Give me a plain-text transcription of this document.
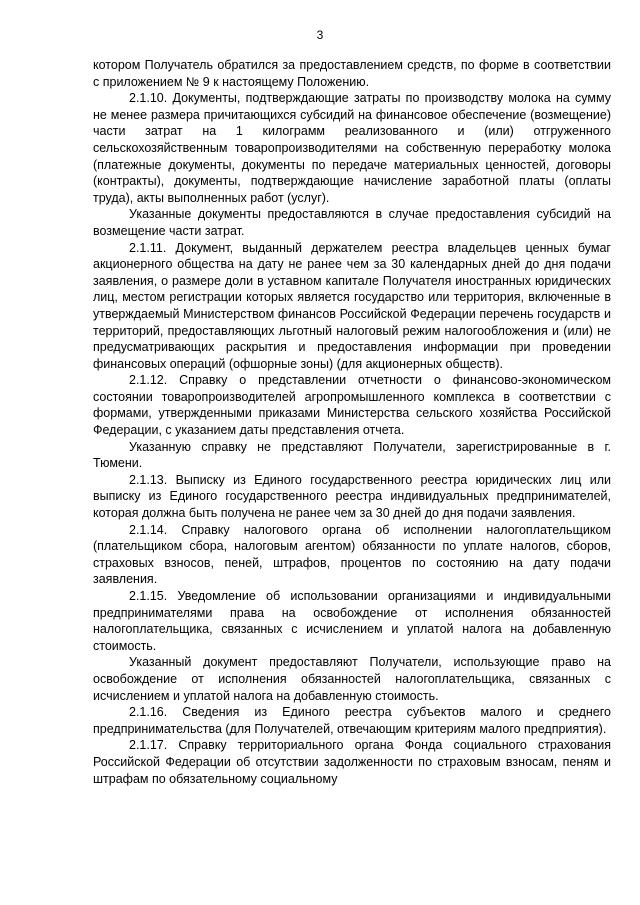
3

котором Получатель обратился за предоставлением средств, по форме в соответствии с приложением № 9 к настоящему Положению.

2.1.10. Документы, подтверждающие затраты по производству молока на сумму не менее размера причитающихся субсидий на финансовое обеспечение (возмещение) части затрат на 1 килограмм реализованного и (или) отгруженного сельскохозяйственным товаропроизводителями на собственную переработку молока (платежные документы, документы по передаче материальных ценностей, договоры (контракты), документы, подтверждающие начисление заработной платы (оплаты труда), акты выполненных работ (услуг).

Указанные документы предоставляются в случае предоставления субсидий на возмещение части затрат.

2.1.11. Документ, выданный держателем реестра владельцев ценных бумаг акционерного общества на дату не ранее чем за 30 календарных дней до дня подачи заявления, о размере доли в уставном капитале Получателя иностранных юридических лиц, местом регистрации которых является государство или территория, включенные в утверждаемый Министерством финансов Российской Федерации перечень государств и территорий, предоставляющих льготный налоговый режим налогообложения и (или) не предусматривающих раскрытия и предоставления информации при проведении финансовых операций (офшорные зоны) (для акционерных обществ).

2.1.12. Справку о представлении отчетности о финансово-экономическом состоянии товаропроизводителей агропромышленного комплекса в соответствии с формами, утвержденными приказами Министерства сельского хозяйства Российской Федерации, с указанием даты представления отчета.

Указанную справку не представляют Получатели, зарегистрированные в г. Тюмени.

2.1.13. Выписку из Единого государственного реестра юридических лиц или выписку из Единого государственного реестра индивидуальных предпринимателей, которая должна быть получена не ранее чем за 30 дней до дня подачи заявления.

2.1.14. Справку налогового органа об исполнении налогоплательщиком (плательщиком сбора, налоговым агентом) обязанности по уплате налогов, сборов, страховых взносов, пеней, штрафов, процентов по состоянию на дату подачи заявления.

2.1.15. Уведомление об использовании организациями и индивидуальными предпринимателями права на освобождение от исполнения обязанностей налогоплательщика, связанных с исчислением и уплатой налога на добавленную стоимость.

Указанный документ предоставляют Получатели, использующие право на освобождение от исполнения обязанностей налогоплательщика, связанных с исчислением и уплатой налога на добавленную стоимость.

2.1.16. Сведения из Единого реестра субъектов малого и среднего предпринимательства (для Получателей, отвечающим критериям малого предприятия).

2.1.17. Справку территориального органа Фонда социального страхования Российской Федерации об отсутствии задолженности по страховым взносам, пеням и штрафам по обязательному социальному
